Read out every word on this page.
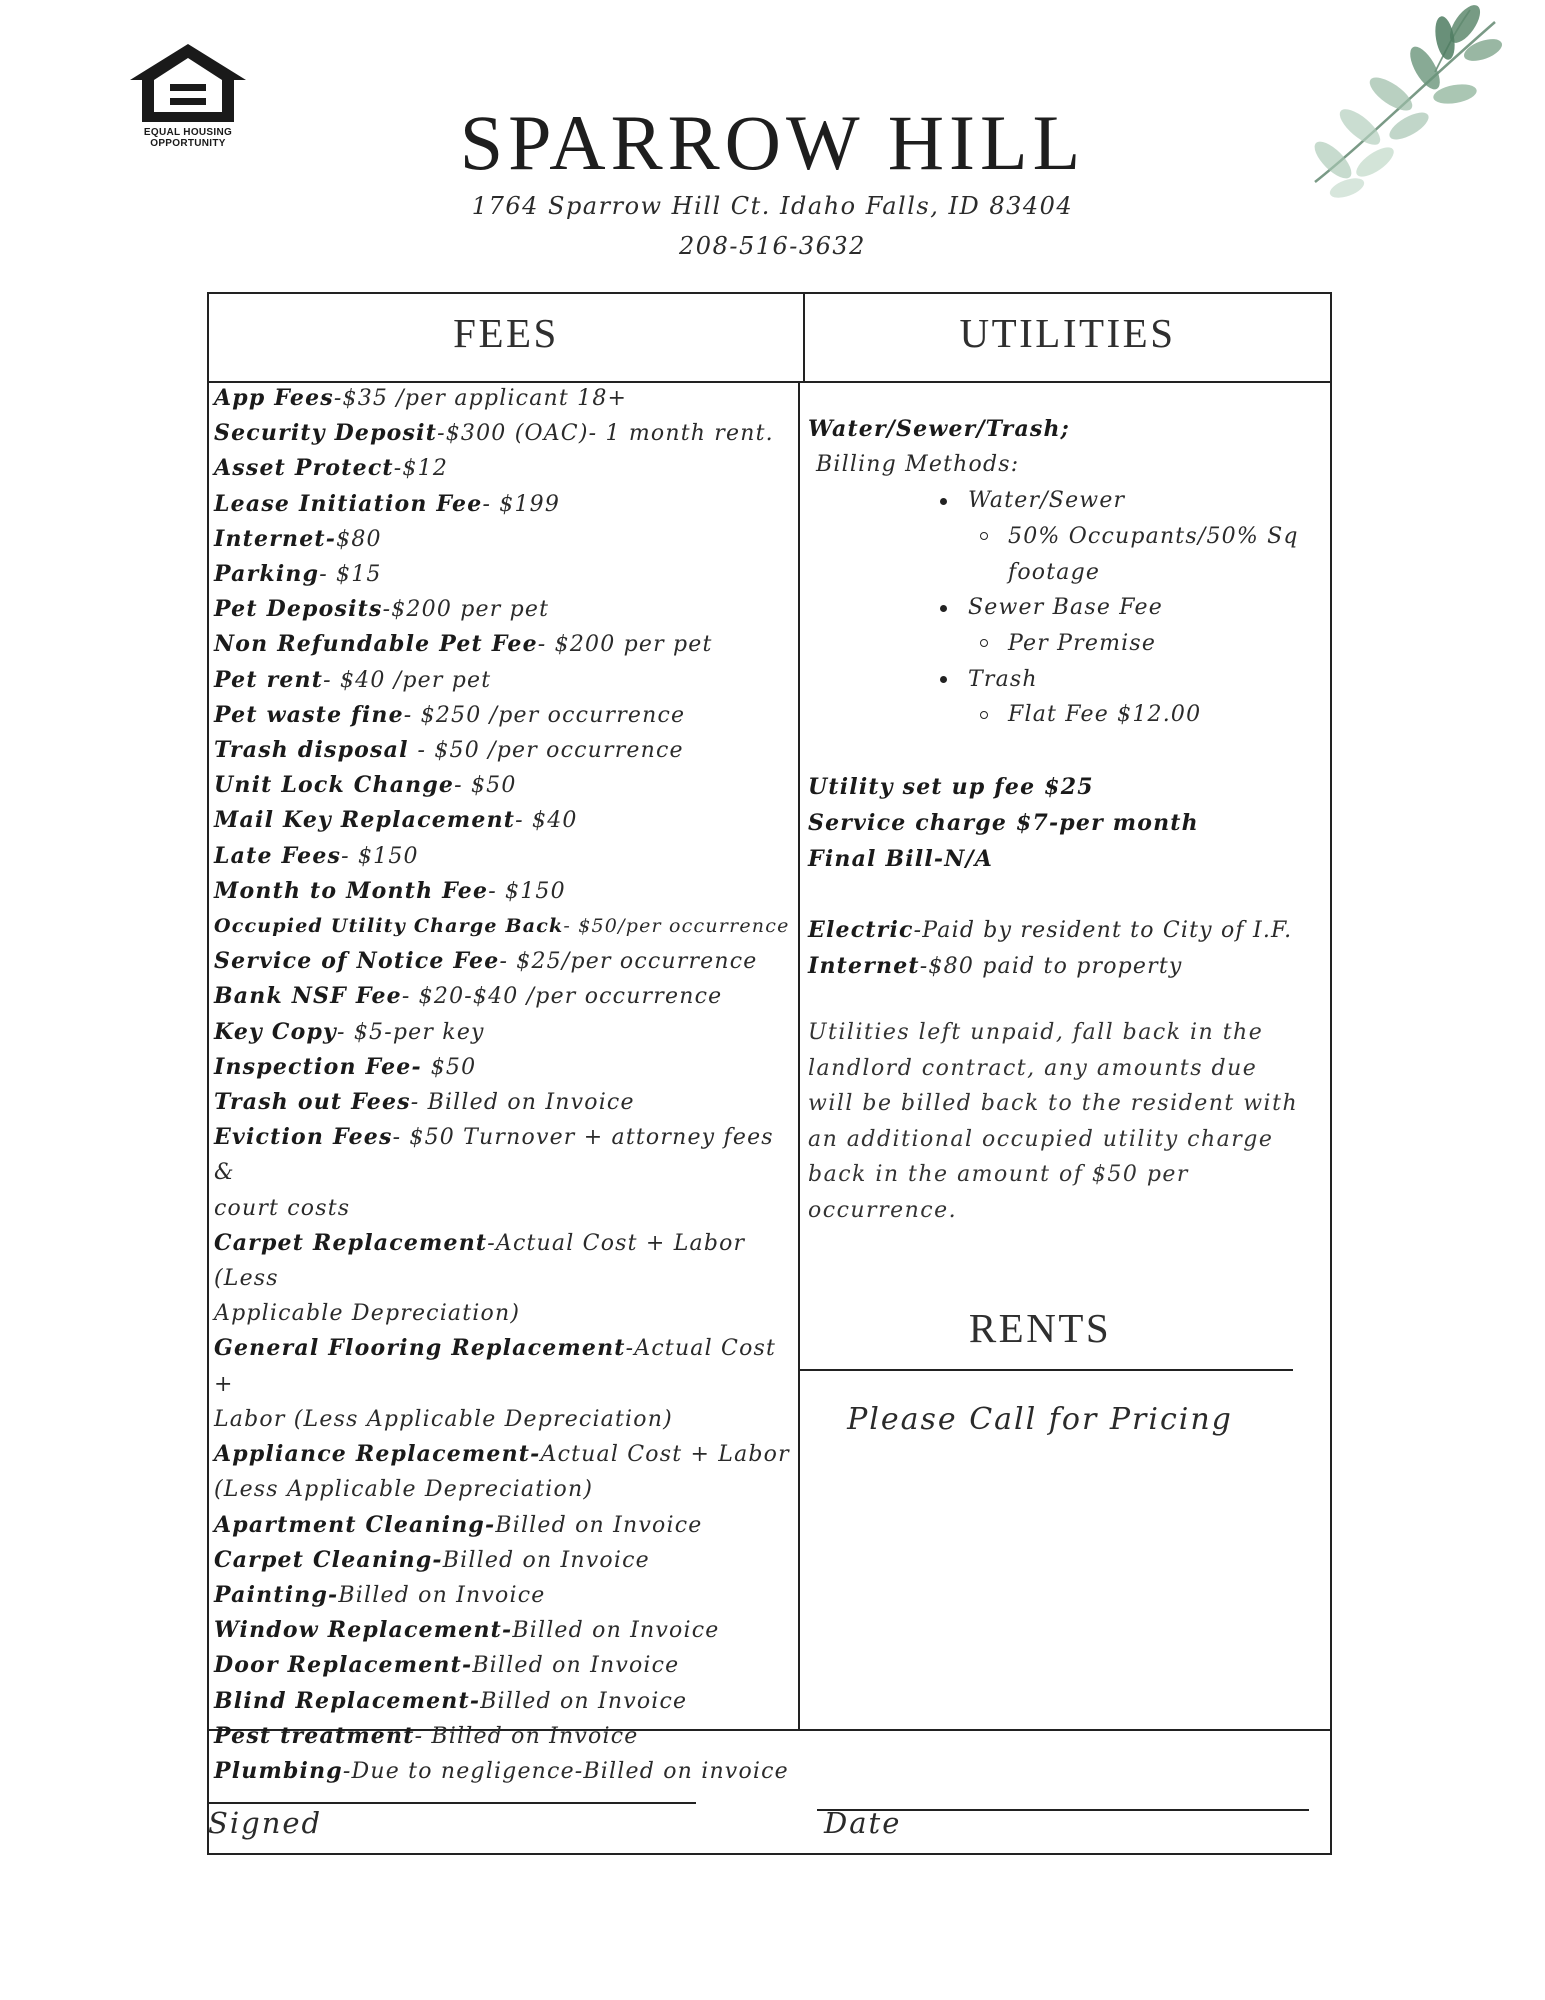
EQUAL HOUSING
OPPORTUNITY	SPARROW HILL
1764 Sparrow Hill Ct. Idaho Falls, ID 83404
208-516-3632
FEES	UTILITIES
App Fees-$35 /per applicant 18+
Security Deposit-$300 (OAC)- 1 month rent.
Asset Protect-$12
Lease Initiation Fee- $199
Internet-$80
Parking- $15
Pet Deposits-$200 per pet
Non Refundable Pet Fee- $200 per pet
Pet rent- $40 /per pet
Pet waste fine- $250 /per occurrence
Trash disposal - $50 /per occurrence
Unit Lock Change- $50
Mail Key Replacement- $40
Late Fees- $150
Month to Month Fee- $150
Occupied Utility Charge Back- $50/per occurrence
Service of Notice Fee- $25/per occurrence
Bank NSF Fee- $20-$40 /per occurrence
Key Copy- $5-per key
Inspection Fee- $50
Trash out Fees- Billed on Invoice
Eviction Fees- $50 Turnover + attorney fees &
court costs
Carpet Replacement-Actual Cost + Labor (Less
Applicable Depreciation)
General Flooring Replacement-Actual Cost +
Labor (Less Applicable Depreciation)
Appliance Replacement-Actual Cost + Labor
(Less Applicable Depreciation)
Apartment Cleaning-Billed on Invoice
Carpet Cleaning-Billed on Invoice
Painting-Billed on Invoice
Window Replacement-Billed on Invoice
Door Replacement-Billed on Invoice
Blind Replacement-Billed on Invoice
Pest treatment- Billed on Invoice
Plumbing-Due to negligence-Billed on invoice
Water/Sewer/Trash;
Billing Methods:
Water/Sewer
50% Occupants/50% Sq
footage
Sewer Base Fee
Per Premise
Trash
Flat Fee $12.00
Utility set up fee $25
Service charge $7-per month
Final Bill-N/A
Electric-Paid by resident to City of I.F.
Internet-$80 paid to property
Utilities left unpaid, fall back in the
landlord contract, any amounts due
will be billed back to the resident with
an additional occupied utility charge
back in the amount of $50 per
occurrence.
RENTS
Please Call for Pricing
Signed	Date
